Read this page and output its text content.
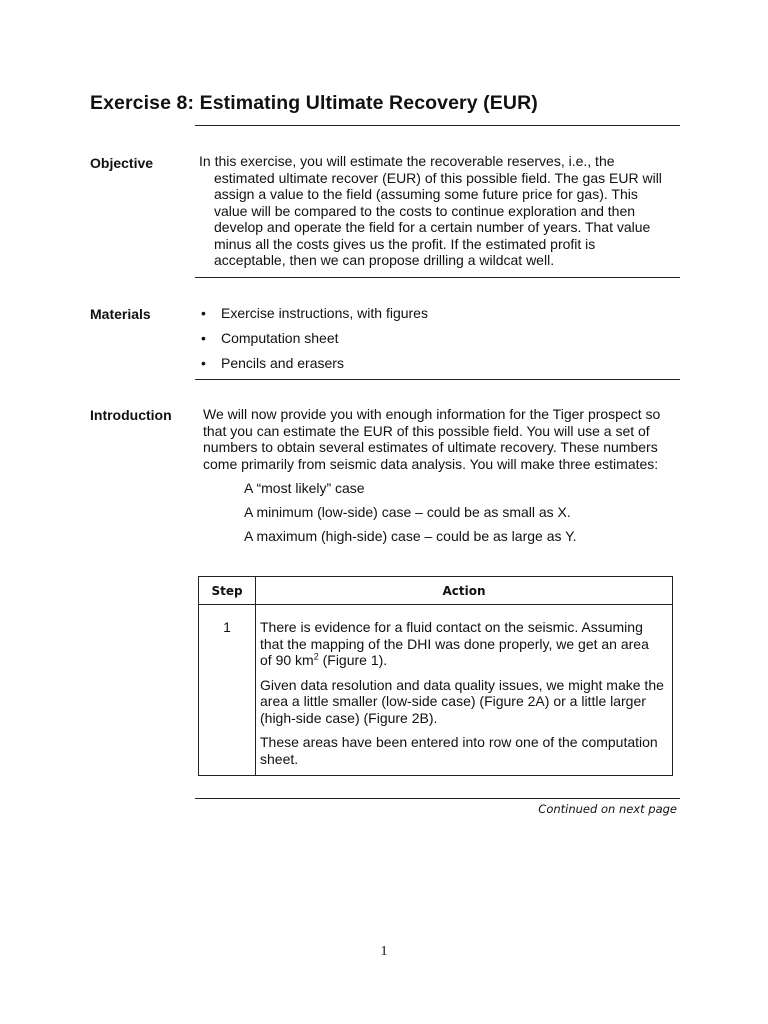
Exercise 8: Estimating Ultimate Recovery (EUR)
Objective	In this exercise, you will estimate the recoverable reserves, i.e., the estimated ultimate recover (EUR) of this possible field. The gas EUR will assign a value to the field (assuming some future price for gas). This value will be compared to the costs to continue exploration and then develop and operate the field for a certain number of years. That value minus all the costs gives us the profit. If the estimated profit is acceptable, then we can propose drilling a wildcat well.
Materials	• Exercise instructions, with figures
• Computation sheet
• Pencils and erasers
Introduction We will now provide you with enough information for the Tiger prospect so that you can estimate the EUR of this possible field. You will use a set of numbers to obtain several estimates of ultimate recovery. These numbers come primarily from seismic data analysis. You will make three estimates:
A “most likely” case
A minimum (low-side) case – could be as small as X.
A maximum (high-side) case – could be as large as Y.
Step	Action
1	There is evidence for a fluid contact on the seismic. Assuming that the mapping of the DHI was done properly, we get an area of 90 $km^2$ (Figure 1).

Given data resolution and data quality issues, we might make the area a little smaller (low-side case) (Figure 2A) or a little larger (high-side case) (Figure 2B).

These areas have been entered into row one of the computation sheet.

Continued on next page
1
